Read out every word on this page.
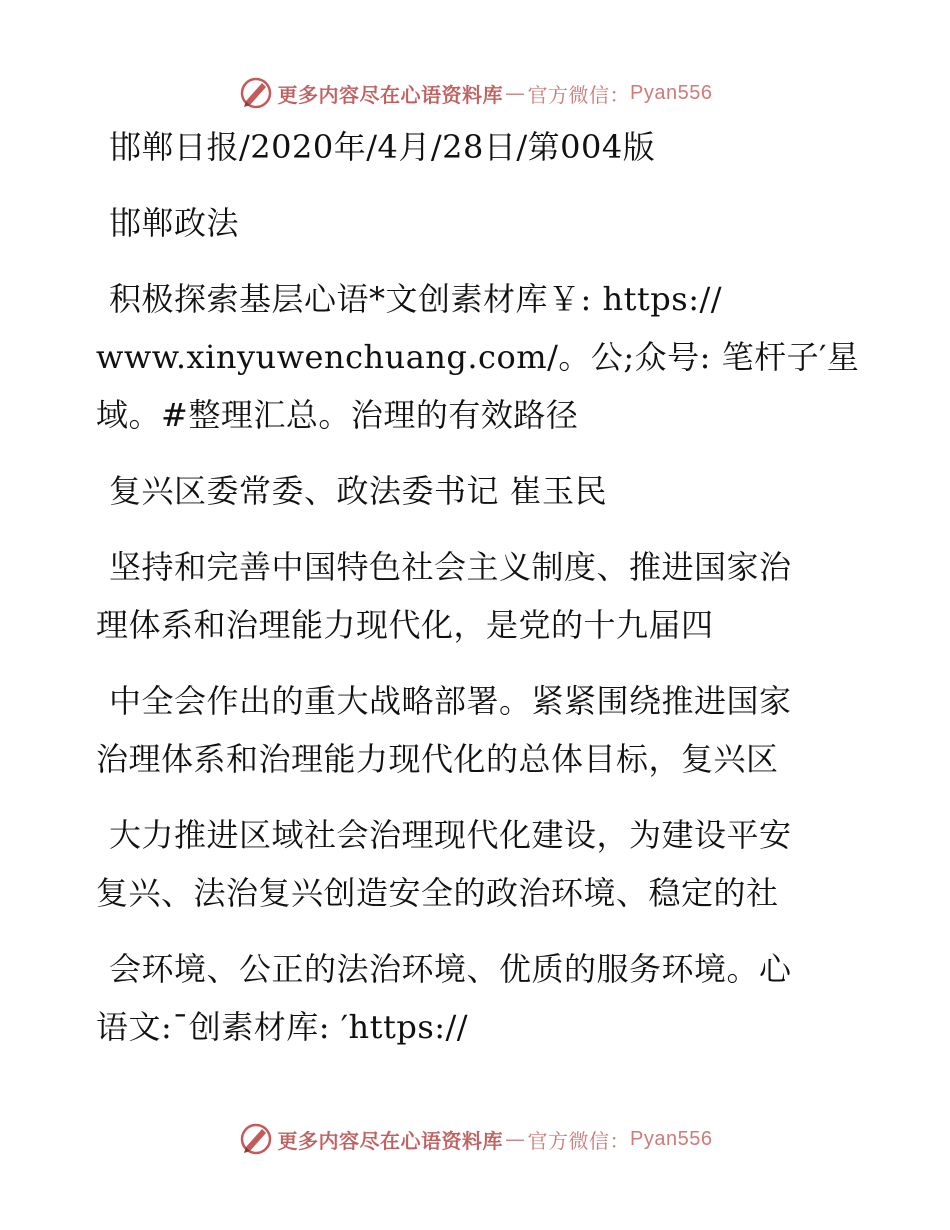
更多内容尽在心语资料库 — 官方微信： Pyan556
邯郸日报/2020年/4月/28日/第004版
邯郸政法
积极探索基层心语*文创素材库￥: https://
www.xinyuwenchuang.com/。公;众号: 笔杆子′星
域。#整理汇总。治理的有效路径
复兴区委常委、政法委书记 崔玉民
坚持和完善中国特色社会主义制度、推进国家治
理体系和治理能力现代化，是党的十九届四
中全会作出的重大战略部署。紧紧围绕推进国家
治理体系和治理能力现代化的总体目标，复兴区
大力推进区域社会治理现代化建设，为建设平安
复兴、法治复兴创造安全的政治环境、稳定的社
会环境、公正的法治环境、优质的服务环境。心
语文:¯创素材库: ′https://
更多内容尽在心语资料库 — 官方微信： Pyan556
